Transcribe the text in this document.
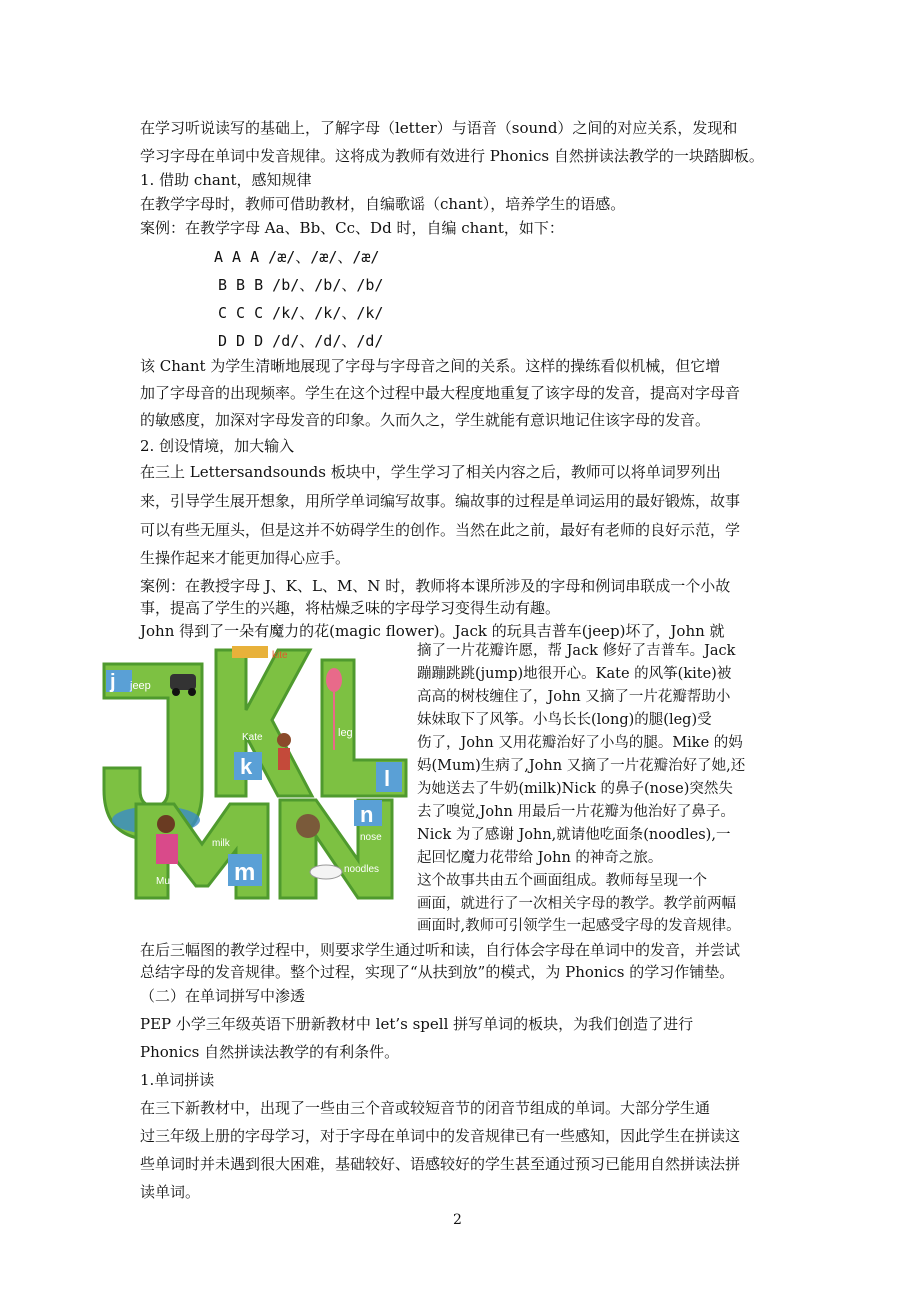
在学习听说读写的基础上，了解字母（letter）与语音（sound）之间的对应关系，发现和
学习字母在单词中发音规律。这将成为教师有效进行 Phonics 自然拼读法教学的一块踏脚板。
1. 借助 chant，感知规律
在教学字母时，教师可借助教材，自编歌谣（chant），培养学生的语感。
案例：在教学字母 Aa、Bb、Cc、Dd 时，自编 chant，如下：
A A A /æ/、/æ/、/æ/
B B B /b/、/b/、/b/
C C C /k/、/k/、/k/
D D D /d/、/d/、/d/
该 Chant 为学生清晰地展现了字母与字母音之间的关系。这样的操练看似机械，但它增
加了字母音的出现频率。学生在这个过程中最大程度地重复了该字母的发音，提高对字母音
的敏感度，加深对字母发音的印象。久而久之，学生就能有意识地记住该字母的发音。
2. 创设情境，加大输入
在三上 Lettersandsounds 板块中，学生学习了相关内容之后，教师可以将单词罗列出
来，引导学生展开想象，用所学单词编写故事。编故事的过程是单词运用的最好锻炼，故事
可以有些无厘头，但是这并不妨碍学生的创作。当然在此之前，最好有老师的良好示范，学
生操作起来才能更加得心应手。
案例：在教授字母 J、K、L、M、N 时，教师将本课所涉及的字母和例词串联成一个小故
事，提高了学生的兴趣，将枯燥乏味的字母学习变得生动有趣。
John 得到了一朵有魔力的花(magic flower)。Jack 的玩具吉普车(jeep)坏了，John 就
j jeep
jump
kite
Kate
k
long
leg
l
milk
Mum m
n
nose
noodles
摘了一片花瓣许愿，帮 Jack 修好了吉普车。Jack
蹦蹦跳跳(jump)地很开心。Kate 的风筝(kite)被
高高的树枝缠住了，John 又摘了一片花瓣帮助小
妹妹取下了风筝。小鸟长长(long)的腿(leg)受
伤了，John 又用花瓣治好了小鸟的腿。Mike 的妈
妈(Mum)生病了,John 又摘了一片花瓣治好了她,还
为她送去了牛奶(milk)Nick 的鼻子(nose)突然失
去了嗅觉,John 用最后一片花瓣为他治好了鼻子。
Nick 为了感谢 John,就请他吃面条(noodles),一
起回忆魔力花带给 John 的神奇之旅。
这个故事共由五个画面组成。教师每呈现一个
画面，就进行了一次相关字母的教学。教学前两幅
画面时,教师可引领学生一起感受字母的发音规律。
在后三幅图的教学过程中，则要求学生通过听和读，自行体会字母在单词中的发音，并尝试
总结字母的发音规律。整个过程，实现了“从扶到放”的模式，为 Phonics 的学习作铺垫。
（二）在单词拼写中渗透
PEP 小学三年级英语下册新教材中 let’s spell 拼写单词的板块，为我们创造了进行
Phonics 自然拼读法教学的有利条件。
1.单词拼读
在三下新教材中，出现了一些由三个音或较短音节的闭音节组成的单词。大部分学生通
过三年级上册的字母学习，对于字母在单词中的发音规律已有一些感知，因此学生在拼读这
些单词时并未遇到很大困难，基础较好、语感较好的学生甚至通过预习已能用自然拼读法拼
读单词。
2
